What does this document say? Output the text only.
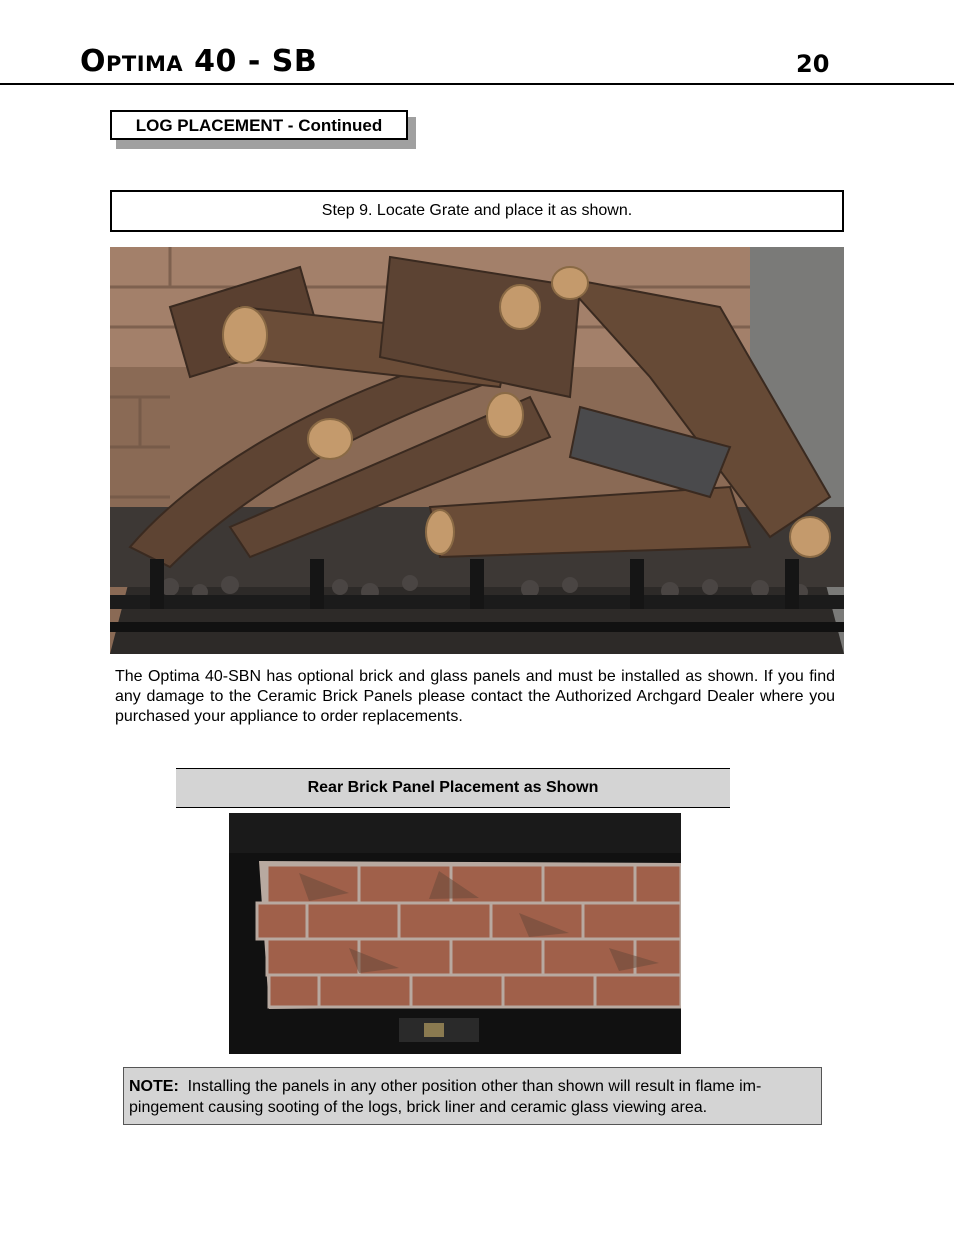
Optima 40 - SB	20
LOG PLACEMENT - Continued
Step 9. Locate Grate and place it as shown.
The Optima 40-SBN has optional brick and glass panels and must be installed as shown. If you find any damage to the Ceramic Brick Panels please contact the Authorized Archgard Dealer where you purchased your appliance to order replacements.
Rear Brick Panel Placement as Shown
NOTE: Installing the panels in any other position other than shown will result in flame im-pingement causing sooting of the logs, brick liner and ceramic glass viewing area.
